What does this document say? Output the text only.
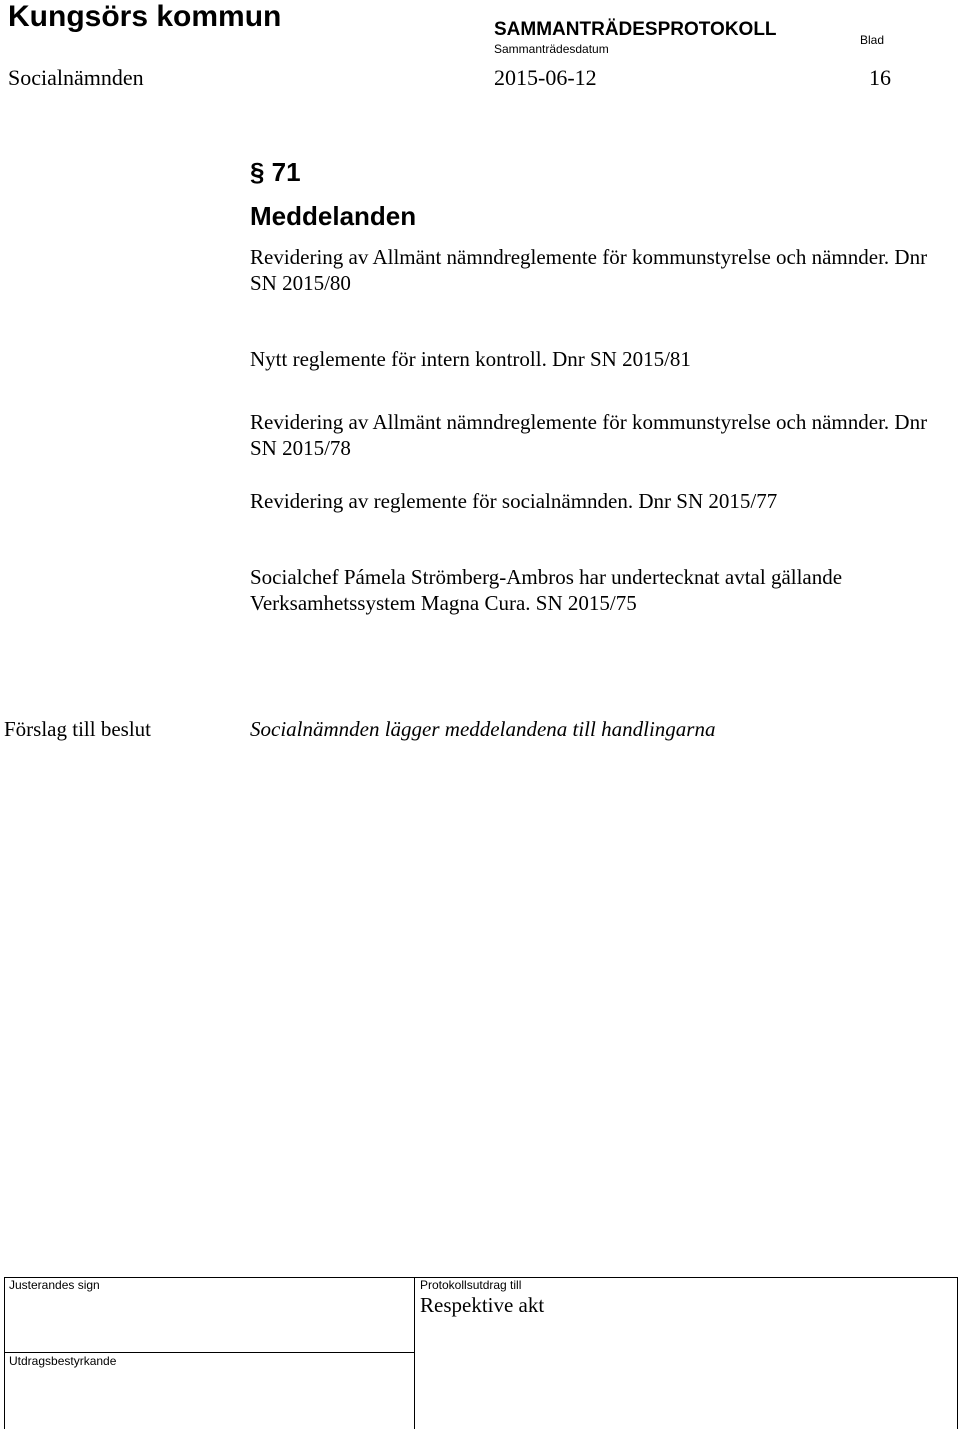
Kungsörs kommun	SAMMANTRÄDESPROTOKOLL
Sammanträdesdatum
Blad
Socialnämnden	2015-06-12	16
§ 71
Meddelanden
Revidering av Allmänt nämndreglemente för kommunstyrelse och nämnder. Dnr SN 2015/80
Nytt reglemente för intern kontroll. Dnr SN 2015/81
Revidering av Allmänt nämndreglemente för kommunstyrelse och nämnder. Dnr SN 2015/78
Revidering av reglemente för socialnämnden. Dnr SN 2015/77
Socialchef Pámela Strömberg-Ambros har undertecknat avtal gällande Verksamhetssystem Magna Cura. SN 2015/75
Förslag till beslut	Socialnämnden lägger meddelandena till handlingarna
Justerandes sign	Protokollsutdrag till
Respektive akt
Utdragsbestyrkande
